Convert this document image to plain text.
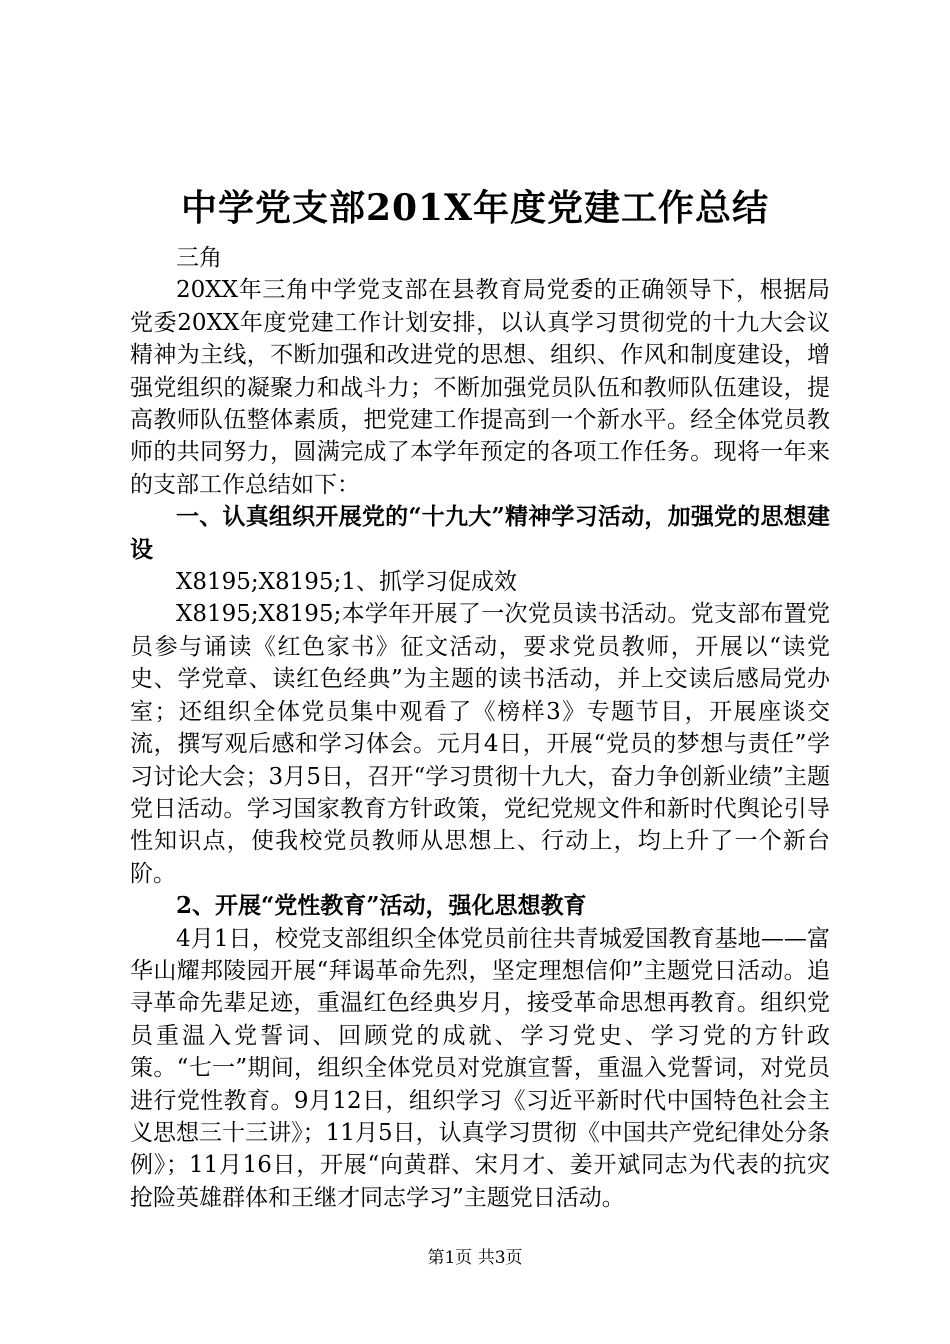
中学党支部201X年度党建工作总结

三角

20XX年三角中学党支部在县教育局党委的正确领导下，根据局党委20XX年度党建工作计划安排，以认真学习贯彻党的十九大会议精神为主线，不断加强和改进党的思想、组织、作风和制度建设，增强党组织的凝聚力和战斗力；不断加强党员队伍和教师队伍建设，提高教师队伍整体素质，把党建工作提高到一个新水平。经全体党员教师的共同努力，圆满完成了本学年预定的各项工作任务。现将一年来的支部工作总结如下：

一、认真组织开展党的“十九大”精神学习活动，加强党的思想建设

X8195;X8195;1、抓学习促成效

X8195;X8195;本学年开展了一次党员读书活动。党支部布置党员参与诵读《红色家书》征文活动，要求党员教师，开展以“读党史、学党章、读红色经典”为主题的读书活动，并上交读后感局党办室；还组织全体党员集中观看了《榜样3》专题节目，开展座谈交流，撰写观后感和学习体会。元月4日，开展“党员的梦想与责任”学习讨论大会；3月5日，召开“学习贯彻十九大，奋力争创新业绩”主题党日活动。学习国家教育方针政策，党纪党规文件和新时代舆论引导性知识点，使我校党员教师从思想上、行动上，均上升了一个新台阶。

2、开展“党性教育”活动，强化思想教育

4月1日，校党支部组织全体党员前往共青城爱国教育基地——富华山耀邦陵园开展“拜谒革命先烈，坚定理想信仰”主题党日活动。追寻革命先辈足迹，重温红色经典岁月，接受革命思想再教育。组织党员重温入党誓词、回顾党的成就、学习党史、学习党的方针政策。“七一”期间，组织全体党员对党旗宣誓，重温入党誓词，对党员进行党性教育。9月12日，组织学习《习近平新时代中国特色社会主义思想三十三讲》；11月5日，认真学习贯彻《中国共产党纪律处分条例》；11月16日，开展“向黄群、宋月才、姜开斌同志为代表的抗灾抢险英雄群体和王继才同志学习”主题党日活动。

第1页 共3页
